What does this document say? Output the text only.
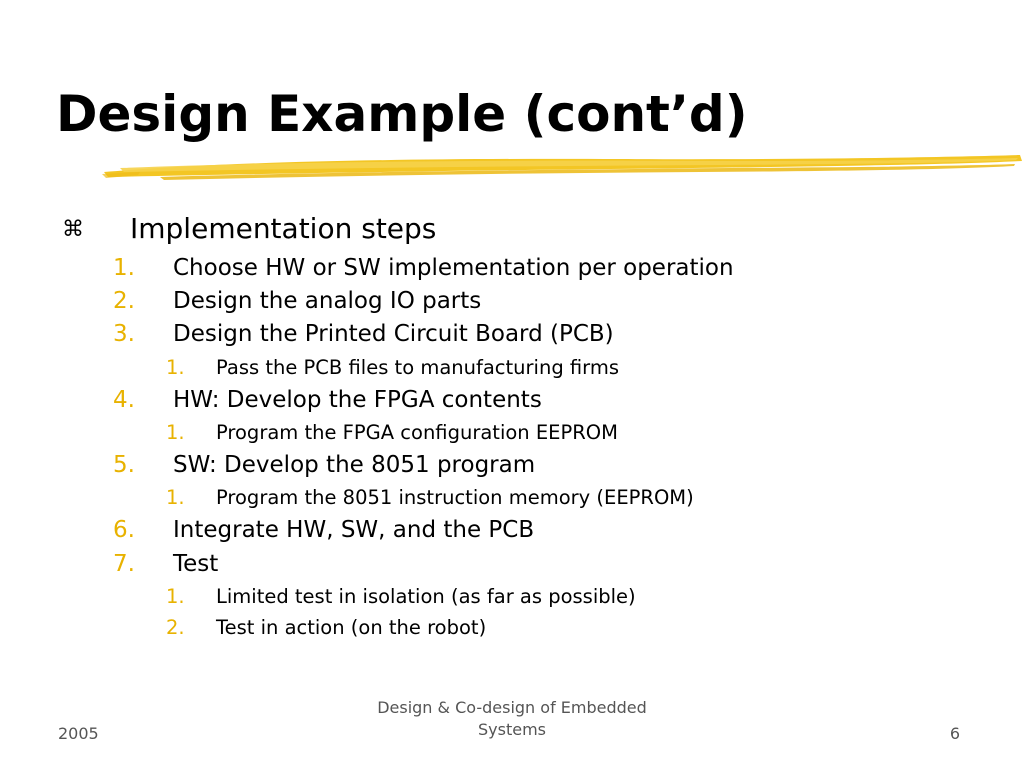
Design Example (cont’d)
⌘ Implementation steps
1. Choose HW or SW implementation per operation
2. Design the analog IO parts
3. Design the Printed Circuit Board (PCB)
1. Pass the PCB files to manufacturing firms
4. HW: Develop the FPGA contents
1. Program the FPGA configuration EEPROM
5. SW: Develop the 8051 program
1. Program the 8051 instruction memory (EEPROM)
6. Integrate HW, SW, and the PCB
7. Test
1. Limited test in isolation (as far as possible)
2. Test in action (on the robot)
2005
Design & Co-design of Embedded
Systems	6
